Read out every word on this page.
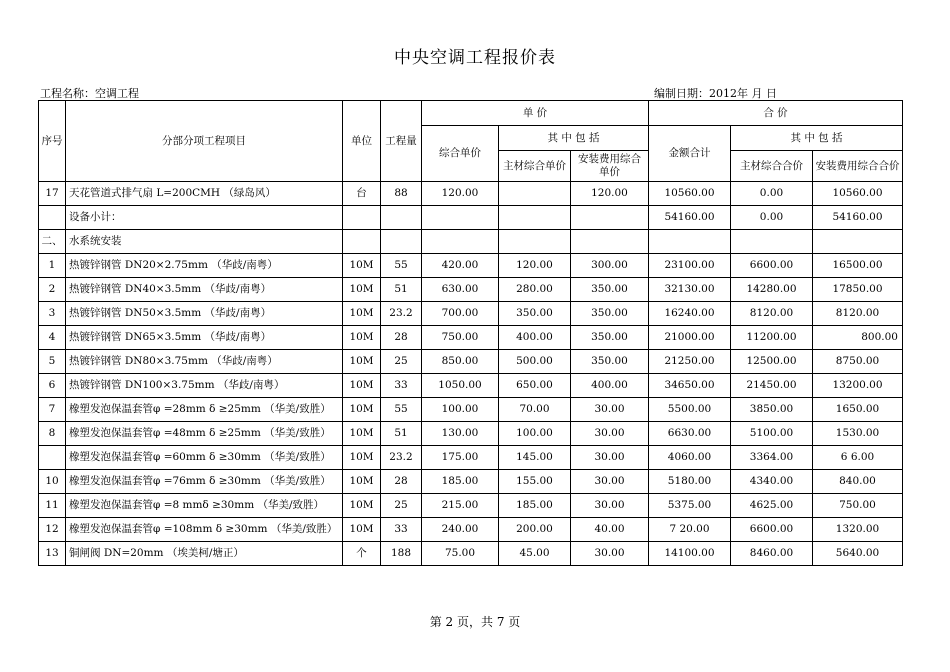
中央空调工程报价表
工程名称：空调工程	编制日期：2012年 月 日
序号	分部分项工程项目	单位	工程量	单 价			合 价		
				综合单价	其 中 包 括		金额合计	其 中 包 括	
					主材综合单价	安装费用综合单价		主材综合合价	安装费用综合合价
17	天花管道式排气扇 L=200CMH （绿岛风）	台	88	120.00		120.00	10560.00	0.00	10560.00
	设备小计：						54160.00	0.00	54160.00
二、	水系统安装								
1	热镀锌钢管 DN20×2.75mm （华歧/南粤）	10M	55	420.00	120.00	300.00	23100.00	6600.00	16500.00
2	热镀锌钢管 DN40×3.5mm （华歧/南粤）	10M	51	630.00	280.00	350.00	32130.00	14280.00	17850.00
3	热镀锌钢管 DN50×3.5mm （华歧/南粤）	10M	23.2	700.00	350.00	350.00	16240.00	8120.00	8120.00
4	热镀锌钢管 DN65×3.5mm （华歧/南粤）	10M	28	750.00	400.00	350.00	21000.00	11200.00	800.00
5	热镀锌钢管 DN80×3.75mm （华歧/南粤）	10M	25	850.00	500.00	350.00	21250.00	12500.00	8750.00
6	热镀锌钢管 DN100×3.75mm （华歧/南粤）	10M	33	1050.00	650.00	400.00	34650.00	21450.00	13200.00
7	橡塑发泡保温套管φ =28mm δ ≥25mm （华美/致胜）	10M	55	100.00	70.00	30.00	5500.00	3850.00	1650.00
8	橡塑发泡保温套管φ =48mm δ ≥25mm （华美/致胜）	10M	51	130.00	100.00	30.00	6630.00	5100.00	1530.00
	橡塑发泡保温套管φ =60mm δ ≥30mm （华美/致胜）	10M	23.2	175.00	145.00	30.00	4060.00	3364.00	6 6.00
10	橡塑发泡保温套管φ =76mm δ ≥30mm （华美/致胜）	10M	28	185.00	155.00	30.00	5180.00	4340.00	840.00
11	橡塑发泡保温套管φ =8 mmδ ≥30mm （华美/致胜）	10M	25	215.00	185.00	30.00	5375.00	4625.00	750.00
12	橡塑发泡保温套管φ =108mm δ ≥30mm （华美/致胜）	10M	33	240.00	200.00	40.00	7 20.00	6600.00	1320.00
13	铜闸阀 DN=20mm （埃美柯/塘正）	个	188	75.00	45.00	30.00	14100.00	8460.00	5640.00
第 2 页，共 7 页
